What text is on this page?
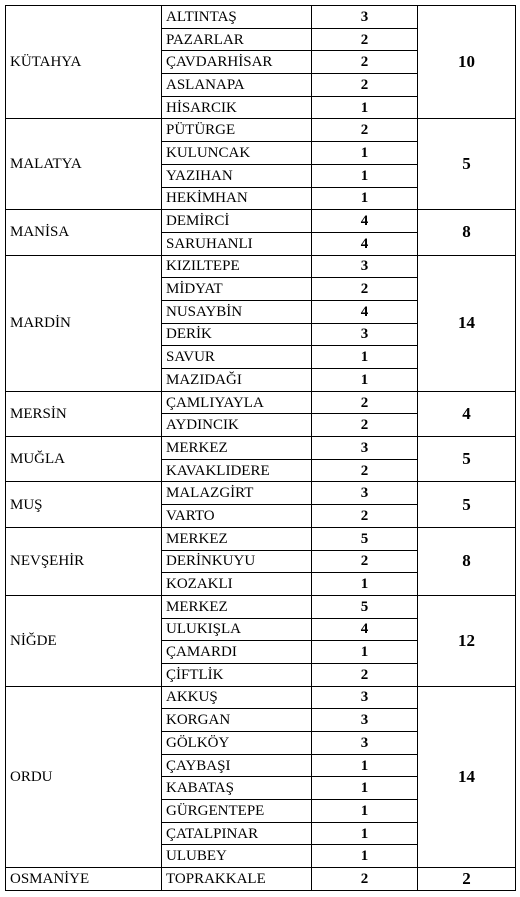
KÜTAHYA	ALTINTAŞ	3	10
	PAZARLAR	2	
	ÇAVDARHİSAR	2	
	ASLANAPA	2	
	HİSARCIK	1	
MALATYA	PÜTÜRGE	2	5
	KULUNCAK	1	
	YAZIHAN	1	
	HEKİMHAN	1	
MANİSA	DEMİRCİ	4	8
	SARUHANLI	4	
MARDİN	KIZILTEPE	3	14
	MİDYAT	2	
	NUSAYBİN	4	
	DERİK	3	
	SAVUR	1	
	MAZIDAĞI	1	
MERSİN	ÇAMLIYAYLA	2	4
	AYDINCIK	2	
MUĞLA	MERKEZ	3	5
	KAVAKLIDERE	2	
MUŞ	MALAZGİRT	3	5
	VARTO	2	
NEVŞEHİR	MERKEZ	5	8
	DERİNKUYU	2	
	KOZAKLI	1	
NİĞDE	MERKEZ	5	12
	ULUKIŞLA	4	
	ÇAMARDI	1	
	ÇİFTLİK	2	
ORDU	AKKUŞ	3	14
	KORGAN	3	
	GÖLKÖY	3	
	ÇAYBAŞI	1	
	KABATAŞ	1	
	GÜRGENTEPE	1	
	ÇATALPINAR	1	
	ULUBEY	1	
OSMANİYE	TOPRAKKALE	2	2
